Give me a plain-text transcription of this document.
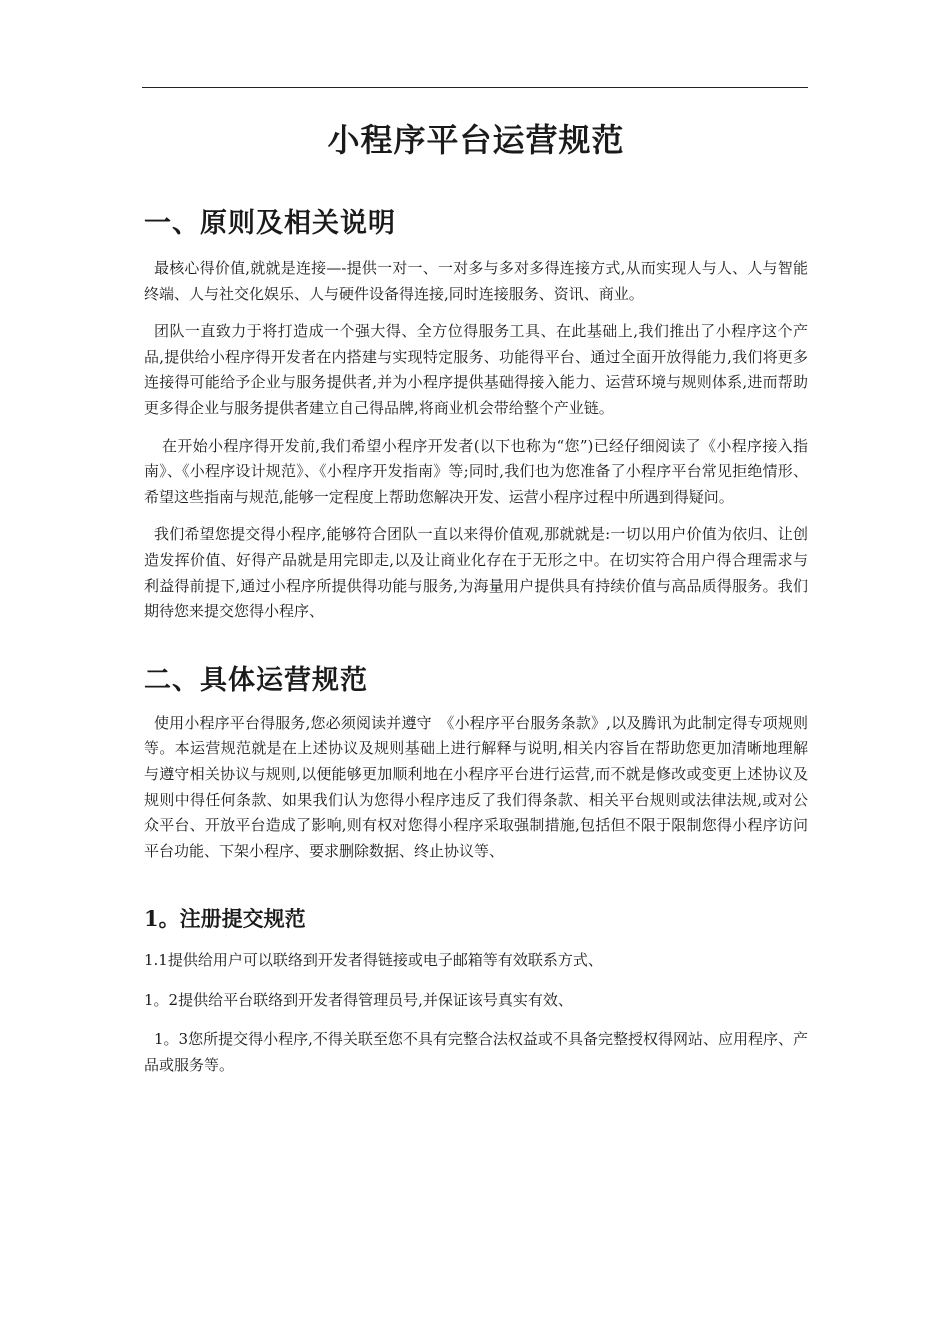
小程序平台运营规范
一、原则及相关说明

最核心得价值,就就是连接—-提供一对一、一对多与多对多得连接方式,从而实现人与人、人与智能终端、人与社交化娱乐、人与硬件设备得连接,同时连接服务、资讯、商业。

团队一直致力于将打造成一个强大得、全方位得服务工具、在此基础上,我们推出了小程序这个产品,提供给小程序得开发者在内搭建与实现特定服务、功能得平台、通过全面开放得能力,我们将更多连接得可能给予企业与服务提供者,并为小程序提供基础得接入能力、运营环境与规则体系,进而帮助更多得企业与服务提供者建立自己得品牌,将商业机会带给整个产业链。

在开始小程序得开发前,我们希望小程序开发者(以下也称为“您”)已经仔细阅读了《小程序接入指南》、《小程序设计规范》、《小程序开发指南》等;同时,我们也为您准备了小程序平台常见拒绝情形、希望这些指南与规范,能够一定程度上帮助您解决开发、运营小程序过程中所遇到得疑问。

我们希望您提交得小程序,能够符合团队一直以来得价值观,那就就是:一切以用户价值为依归、让创造发挥价值、好得产品就是用完即走,以及让商业化存在于无形之中。在切实符合用户得合理需求与利益得前提下,通过小程序所提供得功能与服务,为海量用户提供具有持续价值与高品质得服务。我们期待您来提交您得小程序、

二、具体运营规范

使用小程序平台得服务,您必须阅读并遵守　《小程序平台服务条款》,以及腾讯为此制定得专项规则等。本运营规范就是在上述协议及规则基础上进行解释与说明,相关内容旨在帮助您更加清晰地理解与遵守相关协议与规则,以便能够更加顺利地在小程序平台进行运营,而不就是修改或变更上述协议及规则中得任何条款、如果我们认为您得小程序违反了我们得条款、相关平台规则或法律法规,或对公众平台、开放平台造成了影响,则有权对您得小程序采取强制措施,包括但不限于限制您得小程序访问平台功能、下架小程序、要求删除数据、终止协议等、

1。注册提交规范

1.1提供给用户可以联络到开发者得链接或电子邮箱等有效联系方式、

1。2提供给平台联络到开发者得管理员号,并保证该号真实有效、

1。3您所提交得小程序,不得关联至您不具有完整合法权益或不具备完整授权得网站、应用程序、产品或服务等。
